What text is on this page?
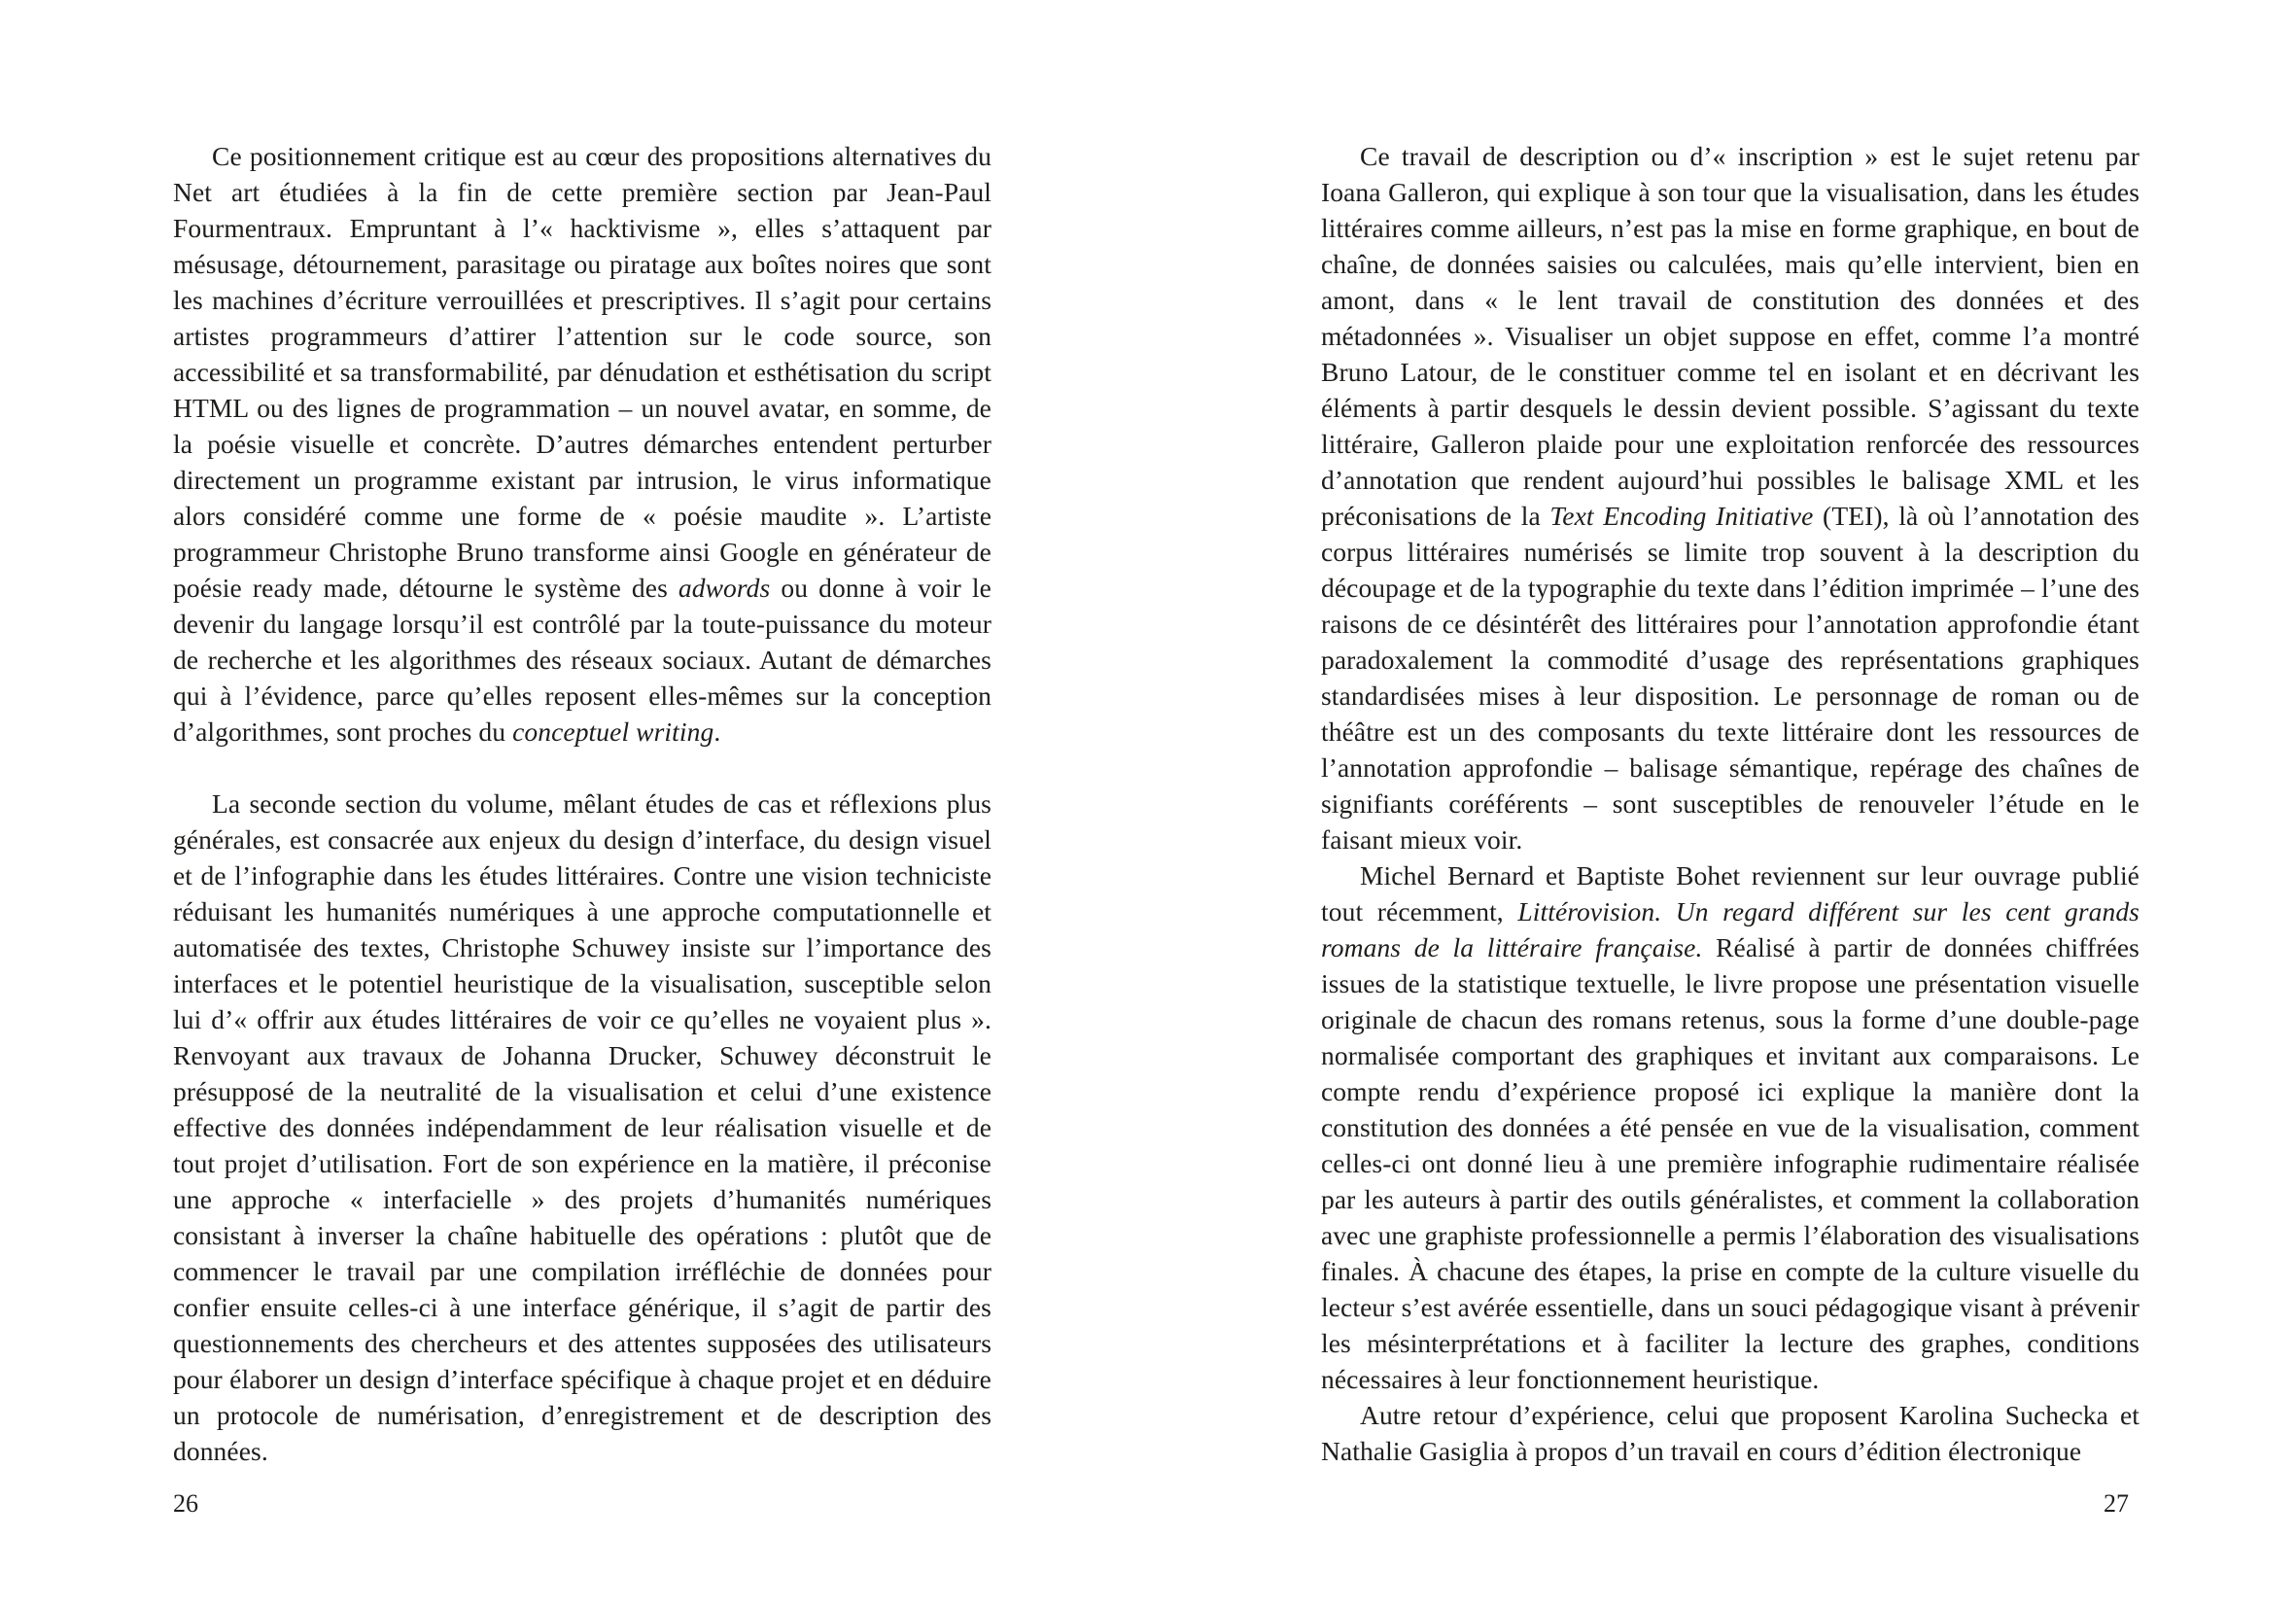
Ce positionnement critique est au cœur des propositions alternatives du Net art étudiées à la fin de cette première section par Jean-Paul Fourmentraux. Empruntant à l’« hacktivisme », elles s’attaquent par mésusage, détournement, parasitage ou piratage aux boîtes noires que sont les machines d’écriture verrouillées et prescriptives. Il s’agit pour certains artistes programmeurs d’attirer l’attention sur le code source, son accessibilité et sa transformabilité, par dénudation et esthétisation du script HTML ou des lignes de programmation – un nouvel avatar, en somme, de la poésie visuelle et concrète. D’autres démarches entendent perturber directement un programme existant par intrusion, le virus informatique alors considéré comme une forme de « poésie maudite ». L’artiste programmeur Christophe Bruno transforme ainsi Google en générateur de poésie ready made, détourne le système des adwords ou donne à voir le devenir du langage lorsqu’il est contrôlé par la toute-puissance du moteur de recherche et les algorithmes des réseaux sociaux. Autant de démarches qui à l’évidence, parce qu’elles reposent elles-mêmes sur la conception d’algorithmes, sont proches du conceptuel writing.

La seconde section du volume, mêlant études de cas et réflexions plus générales, est consacrée aux enjeux du design d’interface, du design visuel et de l’infographie dans les études littéraires. Contre une vision techniciste réduisant les humanités numériques à une approche computationnelle et automatisée des textes, Christophe Schuwey insiste sur l’importance des interfaces et le potentiel heuristique de la visualisation, susceptible selon lui d’« offrir aux études littéraires de voir ce qu’elles ne voyaient plus ». Renvoyant aux travaux de Johanna Drucker, Schuwey déconstruit le présupposé de la neutralité de la visualisation et celui d’une existence effective des données indépendamment de leur réalisation visuelle et de tout projet d’utilisation. Fort de son expérience en la matière, il préconise une approche « interfacielle » des projets d’humanités numériques consistant à inverser la chaîne habituelle des opérations : plutôt que de commencer le travail par une compilation irréfléchie de données pour confier ensuite celles-ci à une interface générique, il s’agit de partir des questionnements des chercheurs et des attentes supposées des utilisateurs pour élaborer un design d’interface spécifique à chaque projet et en déduire un protocole de numérisation, d’enregistrement et de description des données.

26

Ce travail de description ou d’« inscription » est le sujet retenu par Ioana Galleron, qui explique à son tour que la visualisation, dans les études littéraires comme ailleurs, n’est pas la mise en forme graphique, en bout de chaîne, de données saisies ou calculées, mais qu’elle intervient, bien en amont, dans « le lent travail de constitution des données et des métadonnées ». Visualiser un objet suppose en effet, comme l’a montré Bruno Latour, de le constituer comme tel en isolant et en décrivant les éléments à partir desquels le dessin devient possible. S’agissant du texte littéraire, Galleron plaide pour une exploitation renforcée des ressources d’annotation que rendent aujourd’hui possibles le balisage XML et les préconisations de la Text Encoding Initiative (TEI), là où l’annotation des corpus littéraires numérisés se limite trop souvent à la description du découpage et de la typographie du texte dans l’édition imprimée – l’une des raisons de ce désintérêt des littéraires pour l’annotation approfondie étant paradoxalement la commodité d’usage des représentations graphiques standardisées mises à leur disposition. Le personnage de roman ou de théâtre est un des composants du texte littéraire dont les ressources de l’annotation approfondie – balisage sémantique, repérage des chaînes de signifiants coréférents – sont susceptibles de renouveler l’étude en le faisant mieux voir.

Michel Bernard et Baptiste Bohet reviennent sur leur ouvrage publié tout récemment, Littérovision. Un regard différent sur les cent grands romans de la littéraire française. Réalisé à partir de données chiffrées issues de la statistique textuelle, le livre propose une présentation visuelle originale de chacun des romans retenus, sous la forme d’une double-page normalisée comportant des graphiques et invitant aux comparaisons. Le compte rendu d’expérience proposé ici explique la manière dont la constitution des données a été pensée en vue de la visualisation, comment celles-ci ont donné lieu à une première infographie rudimentaire réalisée par les auteurs à partir des outils généralistes, et comment la collaboration avec une graphiste professionnelle a permis l’élaboration des visualisations finales. À chacune des étapes, la prise en compte de la culture visuelle du lecteur s’est avérée essentielle, dans un souci pédagogique visant à prévenir les mésinterprétations et à faciliter la lecture des graphes, conditions nécessaires à leur fonctionnement heuristique.

Autre retour d’expérience, celui que proposent Karolina Suchecka et Nathalie Gasiglia à propos d’un travail en cours d’édition électronique

27
